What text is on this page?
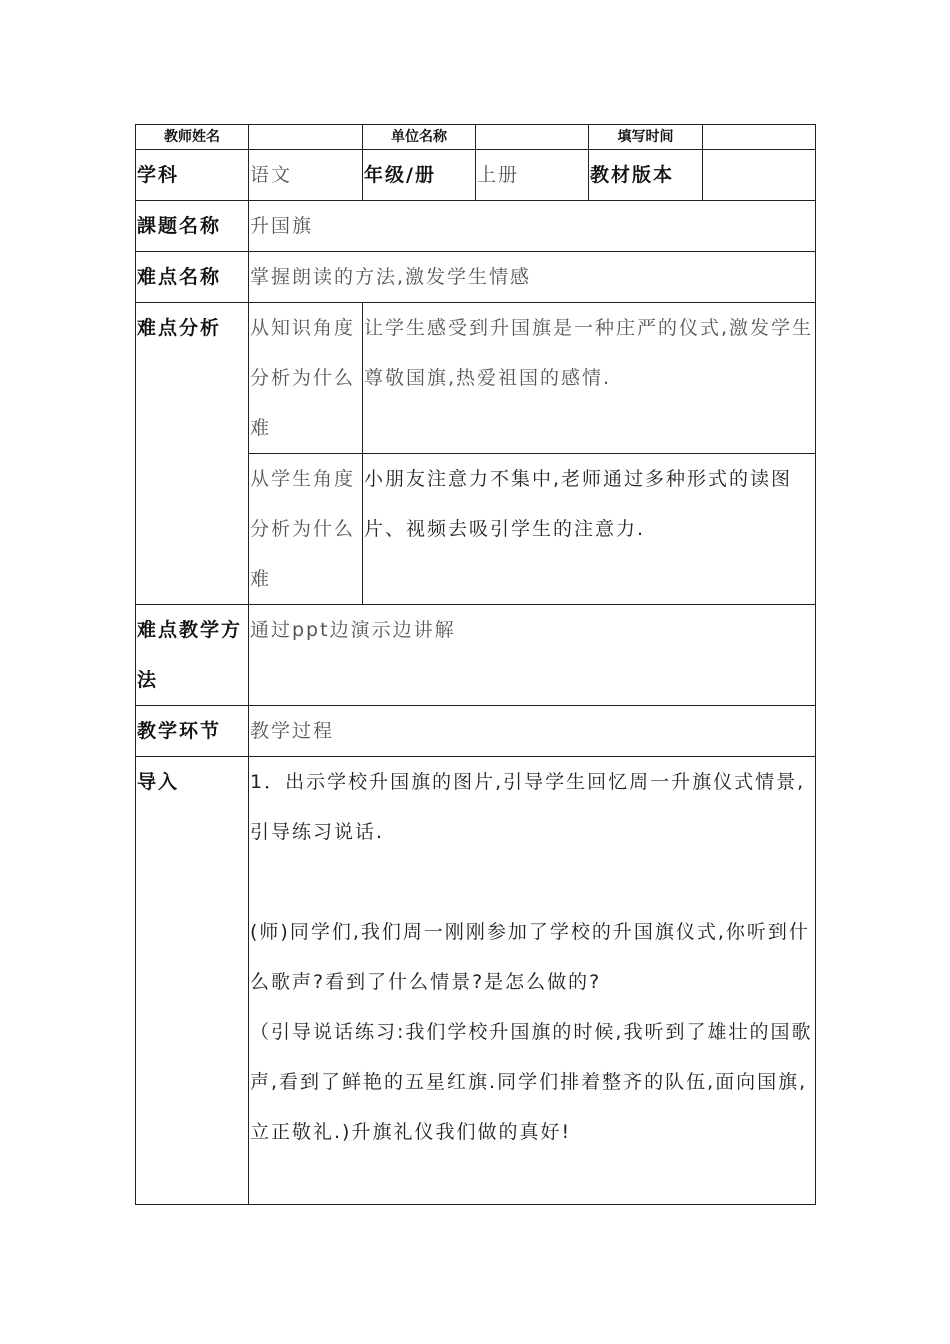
教师姓名		单位名称		填写时间	
学科	语文	年级/册	上册	教材版本	
課题名称	升国旗				
难点名称	掌握朗读的方法,激发学生情感				
难点分析	从知识角度分析为什么难	让学生感受到升国旗是一种庄严的仪式,激发学生尊敬国旗,热爱祖国的感情.			
	从学生角度分析为什么难	小朋友注意力不集中,老师通过多种形式的读图片、视频去吸引学生的注意力.			
难点教学方法	通过ppt边演示边讲解				
教学环节	教学过程				
导入	1．出示学校升国旗的图片,引导学生回忆周一升旗仪式情景,引导练习说话.

(师)同学们,我们周一刚刚参加了学校的升国旗仪式,你听到什么歌声?看到了什么情景?是怎么做的?

（引导说话练习:我们学校升国旗的时候,我听到了雄壮的国歌声,看到了鲜艳的五星红旗.同学们排着整齐的队伍,面向国旗,立正敬礼.)升旗礼仪我们做的真好!				
